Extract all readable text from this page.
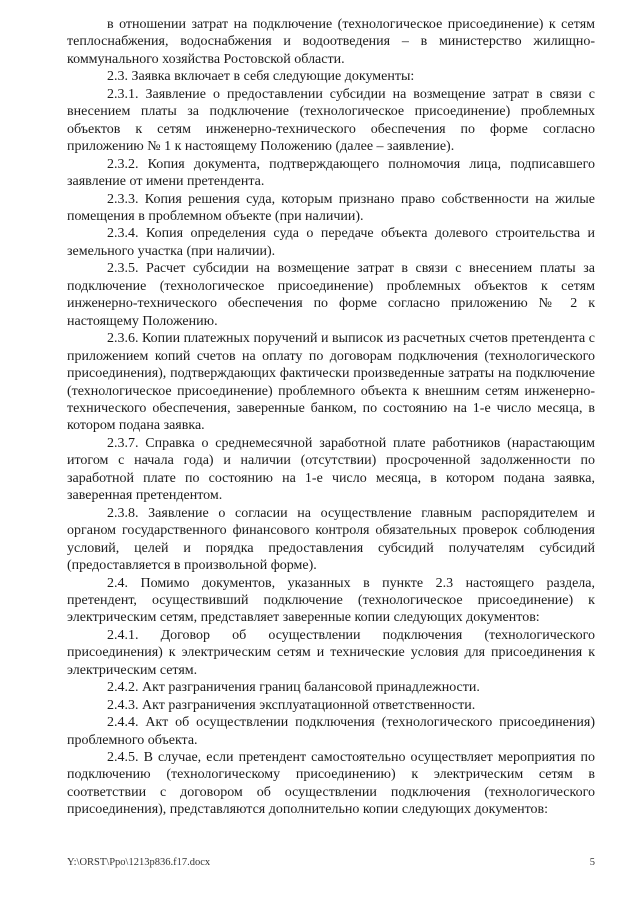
в отношении затрат на подключение (технологическое присоединение) к сетям теплоснабжения, водоснабжения и водоотведения – в министерство жилищно-коммунального хозяйства Ростовской области.

2.3. Заявка включает в себя следующие документы:

2.3.1. Заявление о предоставлении субсидии на возмещение затрат в связи с внесением платы за подключение (технологическое присоединение) проблемных объектов к сетям инженерно-технического обеспечения по форме согласно приложению № 1 к настоящему Положению (далее – заявление).

2.3.2. Копия документа, подтверждающего полномочия лица, подписавшего заявление от имени претендента.

2.3.3. Копия решения суда, которым признано право собственности на жилые помещения в проблемном объекте (при наличии).

2.3.4. Копия определения суда о передаче объекта долевого строительства и земельного участка (при наличии).

2.3.5. Расчет субсидии на возмещение затрат в связи с внесением платы за подключение (технологическое присоединение) проблемных объектов к сетям инженерно-технического обеспечения по форме согласно приложению № 2 к настоящему Положению.

2.3.6. Копии платежных поручений и выписок из расчетных счетов претендента с приложением копий счетов на оплату по договорам подключения (технологического присоединения), подтверждающих фактически произведенные затраты на подключение (технологическое присоединение) проблемного объекта к внешним сетям инженерно-технического обеспечения, заверенные банком, по состоянию на 1-е число месяца, в котором подана заявка.

2.3.7. Справка о среднемесячной заработной плате работников (нарастающим итогом с начала года) и наличии (отсутствии) просроченной задолженности по заработной плате по состоянию на 1-е число месяца, в котором подана заявка, заверенная претендентом.

2.3.8. Заявление о согласии на осуществление главным распорядителем и органом государственного финансового контроля обязательных проверок соблюдения условий, целей и порядка предоставления субсидий получателям субсидий (предоставляется в произвольной форме).

2.4. Помимо документов, указанных в пункте 2.3 настоящего раздела, претендент, осуществивший подключение (технологическое присоединение) к электрическим сетям, представляет заверенные копии следующих документов:

2.4.1. Договор об осуществлении подключения (технологического присоединения) к электрическим сетям и технические условия для присоединения к электрическим сетям.

2.4.2. Акт разграничения границ балансовой принадлежности.

2.4.3. Акт разграничения эксплуатационной ответственности.

2.4.4. Акт об осуществлении подключения (технологического присоединения) проблемного объекта.

2.4.5. В случае, если претендент самостоятельно осуществляет мероприятия по подключению (технологическому присоединению) к электрическим сетям в соответствии с договором об осуществлении подключения (технологического присоединения), представляются дополнительно копии следующих документов:

Y:\ORST\Ppo\1213p836.f17.docx	5
